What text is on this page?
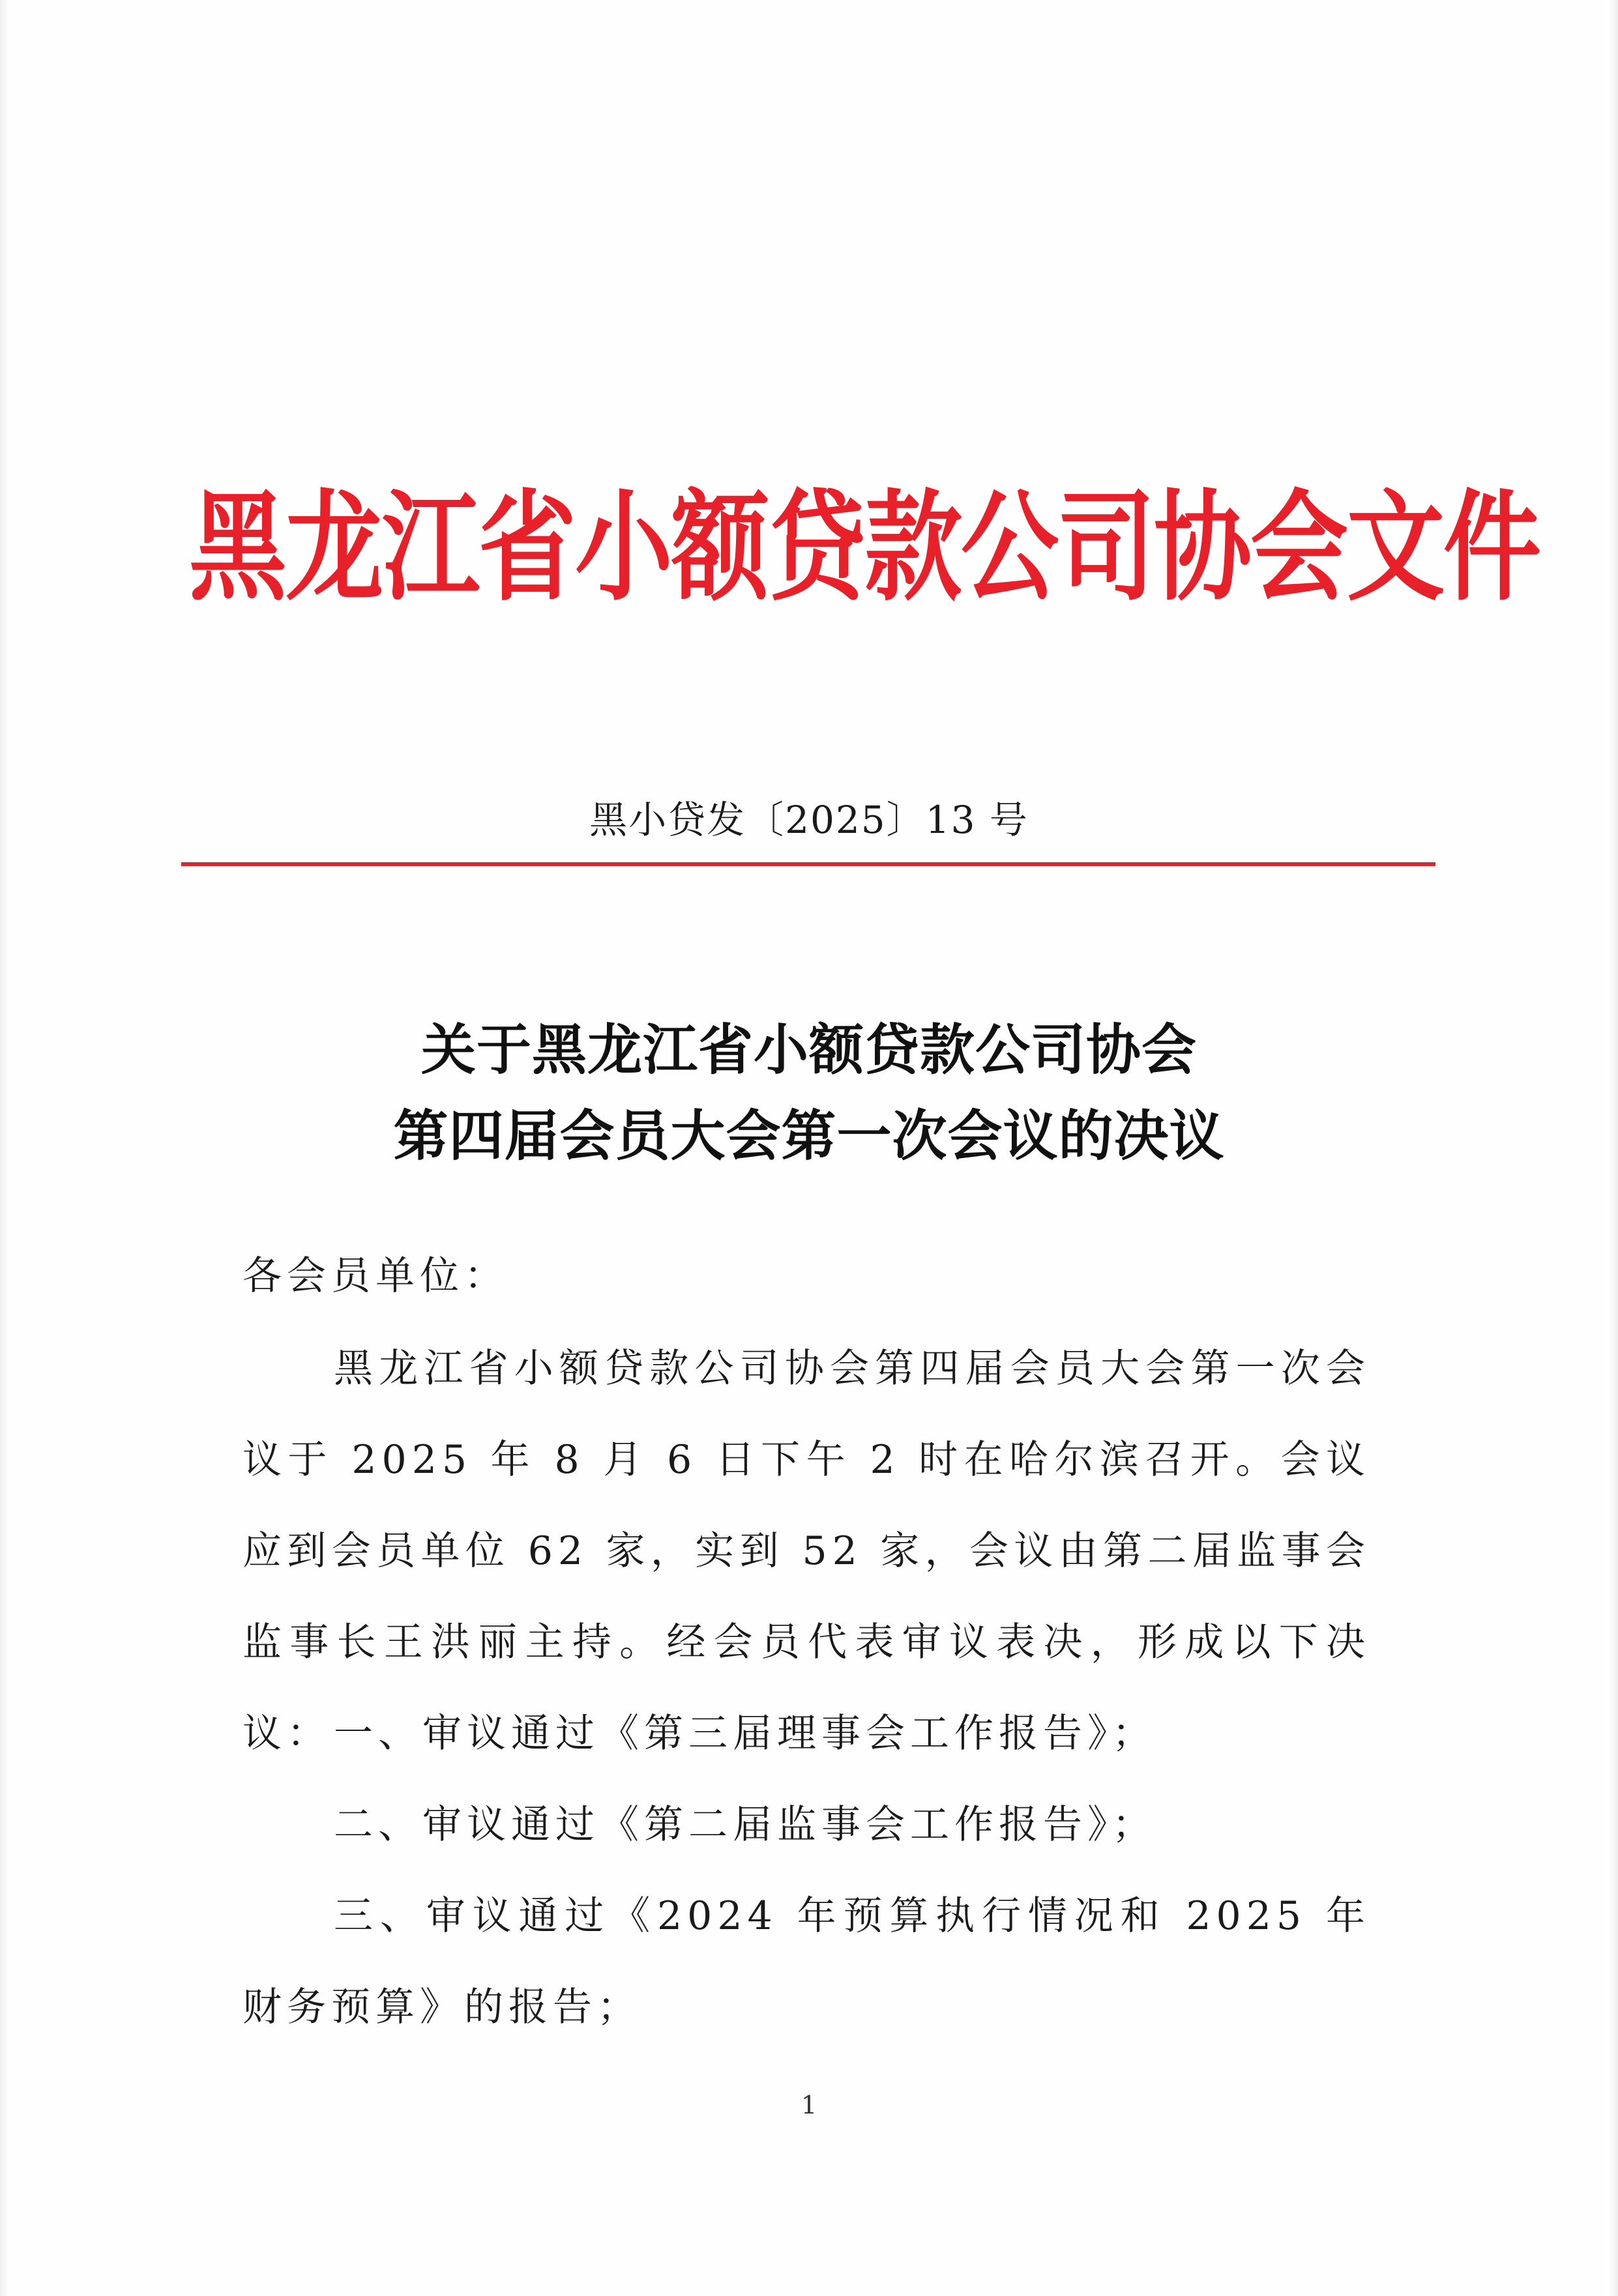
黑龙江省小额贷款公司协会文件
黑小贷发〔2025〕13 号
关于黑龙江省小额贷款公司协会
第四届会员大会第一次会议的决议
各会员单位：
黑龙江省小额贷款公司协会第四届会员大会第一次会议于 2025 年 8 月 6 日下午 2 时在哈尔滨召开。会议应到会员单位 62 家，实到 52 家，会议由第二届监事会监事长王洪丽主持。经会员代表审议表决，形成以下决议： 一、审议通过《第三届理事会工作报告》；
二、审议通过《第二届监事会工作报告》；
三、审议通过《2024 年预算执行情况和 2025 年财务预算》的报告；
1
